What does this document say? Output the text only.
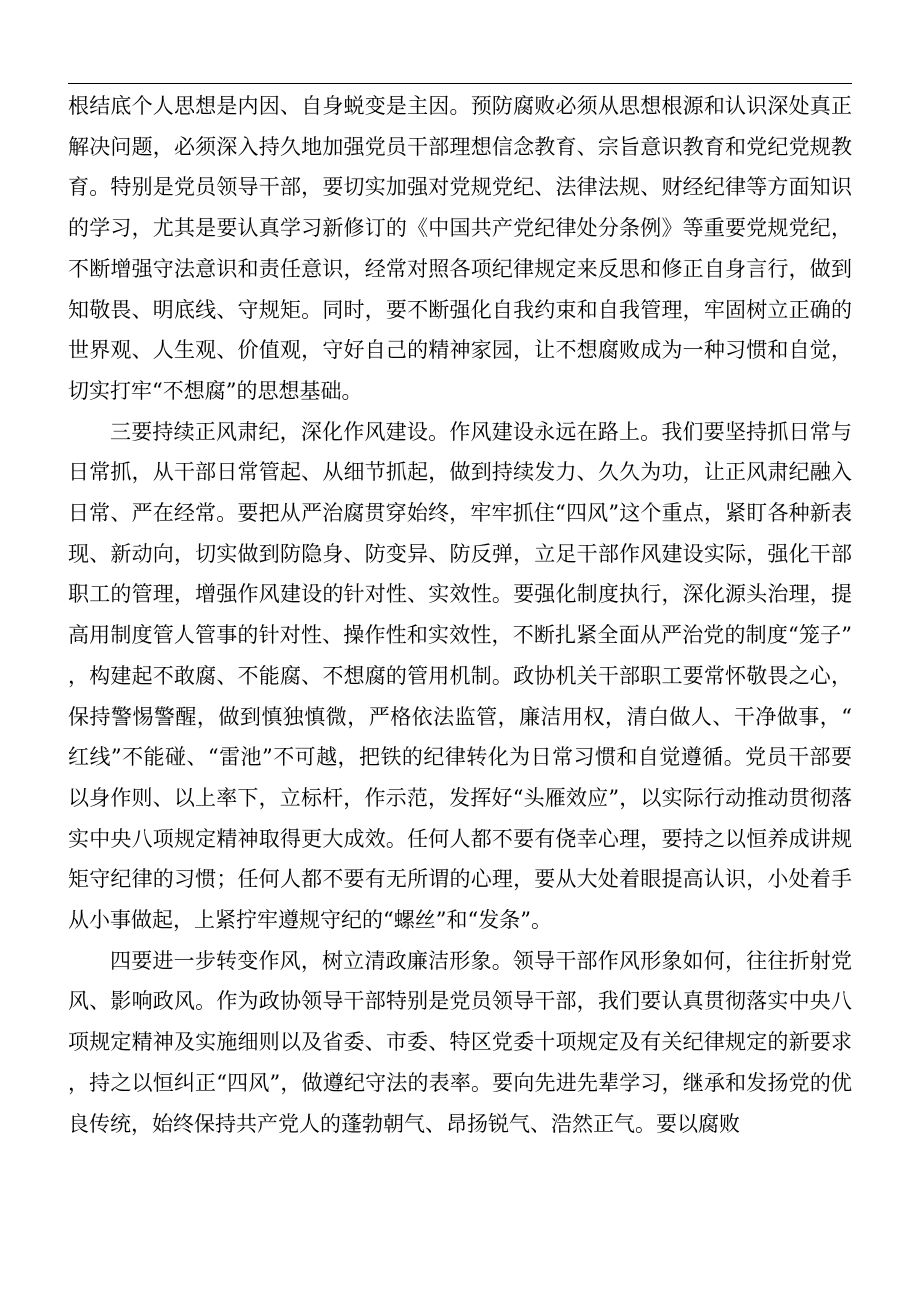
根结底个人思想是内因、自身蜕变是主因。预防腐败必须从思想根源和认识深处真正解决问题，必须深入持久地加强党员干部理想信念教育、宗旨意识教育和党纪党规教育。特别是党员领导干部，要切实加强对党规党纪、法律法规、财经纪律等方面知识的学习，尤其是要认真学习新修订的《中国共产党纪律处分条例》等重要党规党纪，不断增强守法意识和责任意识，经常对照各项纪律规定来反思和修正自身言行，做到知敬畏、明底线、守规矩。同时，要不断强化自我约束和自我管理，牢固树立正确的世界观、人生观、价值观，守好自己的精神家园，让不想腐败成为一种习惯和自觉，切实打牢“不想腐”的思想基础。

三要持续正风肃纪，深化作风建设。作风建设永远在路上。我们要坚持抓日常与日常抓，从干部日常管起、从细节抓起，做到持续发力、久久为功，让正风肃纪融入日常、严在经常。要把从严治腐贯穿始终，牢牢抓住“四风”这个重点，紧盯各种新表现、新动向，切实做到防隐身、防变异、防反弹，立足干部作风建设实际，强化干部职工的管理，增强作风建设的针对性、实效性。要强化制度执行，深化源头治理，提高用制度管人管事的针对性、操作性和实效性，不断扎紧全面从严治党的制度“笼子”，构建起不敢腐、不能腐、不想腐的管用机制。政协机关干部职工要常怀敬畏之心，保持警惕警醒，做到慎独慎微，严格依法监管，廉洁用权，清白做人、干净做事，“红线”不能碰、“雷池”不可越，把铁的纪律转化为日常习惯和自觉遵循。党员干部要以身作则、以上率下，立标杆，作示范，发挥好“头雁效应”，以实际行动推动贯彻落实中央八项规定精神取得更大成效。任何人都不要有侥幸心理，要持之以恒养成讲规矩守纪律的习惯；任何人都不要有无所谓的心理，要从大处着眼提高认识，小处着手从小事做起，上紧拧牢遵规守纪的“螺丝”和“发条”。

四要进一步转变作风，树立清政廉洁形象。领导干部作风形象如何，往往折射党风、影响政风。作为政协领导干部特别是党员领导干部，我们要认真贯彻落实中央八项规定精神及实施细则以及省委、市委、特区党委十项规定及有关纪律规定的新要求，持之以恒纠正“四风”，做遵纪守法的表率。要向先进先辈学习，继承和发扬党的优良传统，始终保持共产党人的蓬勃朝气、昂扬锐气、浩然正气。要以腐败
